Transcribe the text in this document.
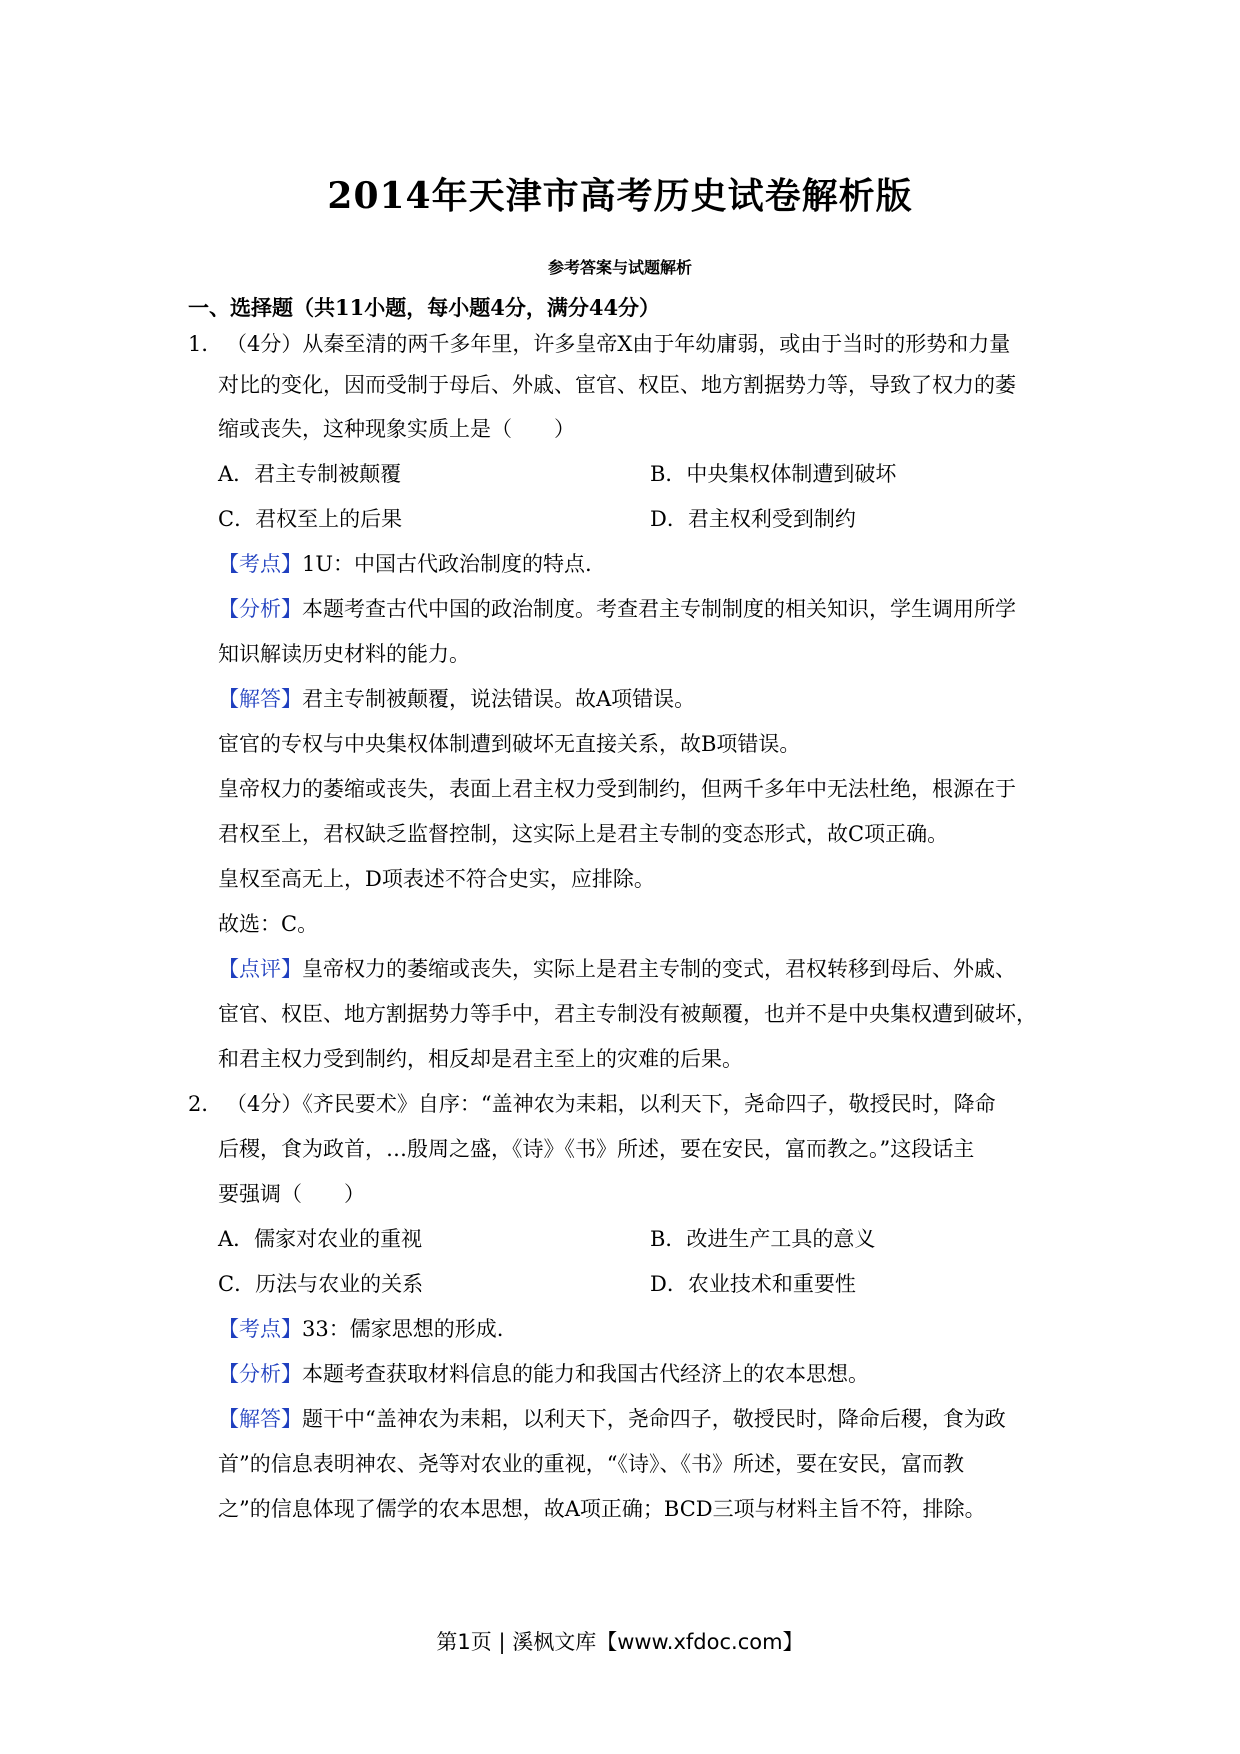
2014年天津市高考历史试卷解析版
参考答案与试题解析
一、选择题（共11小题，每小题4分，满分44分）
1． （4分）从秦至清的两千多年里，许多皇帝X由于年幼庸弱，或由于当时的形势和力量
对比的变化，因而受制于母后、外戚、宦官、权臣、地方割据势力等，导致了权力的萎
缩或丧失，这种现象实质上是（　　）
A．君主专制被颠覆	B．中央集权体制遭到破坏
C．君权至上的后果	D．君主权利受到制约
【考点】1U：中国古代政治制度的特点.
【分析】本题考查古代中国的政治制度。考查君主专制制度的相关知识，学生调用所学
知识解读历史材料的能力。
【解答】君主专制被颠覆，说法错误。故A项错误。
宦官的专权与中央集权体制遭到破坏无直接关系，故B项错误。
皇帝权力的萎缩或丧失，表面上君主权力受到制约，但两千多年中无法杜绝，根源在于
君权至上，君权缺乏监督控制，这实际上是君主专制的变态形式，故C项正确。
皇权至高无上，D项表述不符合史实，应排除。
故选：C。
【点评】皇帝权力的萎缩或丧失，实际上是君主专制的变式，君权转移到母后、外戚、
宦官、权臣、地方割据势力等手中，君主专制没有被颠覆，也并不是中央集权遭到破坏，
和君主权力受到制约，相反却是君主至上的灾难的后果。
2． （4分）《齐民要术》自序：“盖神农为耒耜，以利天下，尧命四子，敬授民时，降命
后稷，食为政首，…殷周之盛，《诗》《书》所述，要在安民，富而教之。”这段话主
要强调（　　）
A．儒家对农业的重视	B．改进生产工具的意义
C．历法与农业的关系	D．农业技术和重要性
【考点】33：儒家思想的形成.
【分析】本题考查获取材料信息的能力和我国古代经济上的农本思想。
【解答】题干中“盖神农为耒耜，以利天下，尧命四子，敬授民时，降命后稷，食为政
首”的信息表明神农、尧等对农业的重视，“《诗》、《书》所述，要在安民，富而教
之”的信息体现了儒学的农本思想，故A项正确；BCD三项与材料主旨不符，排除。
第1页 | 溪枫文库【www.xfdoc.com】
